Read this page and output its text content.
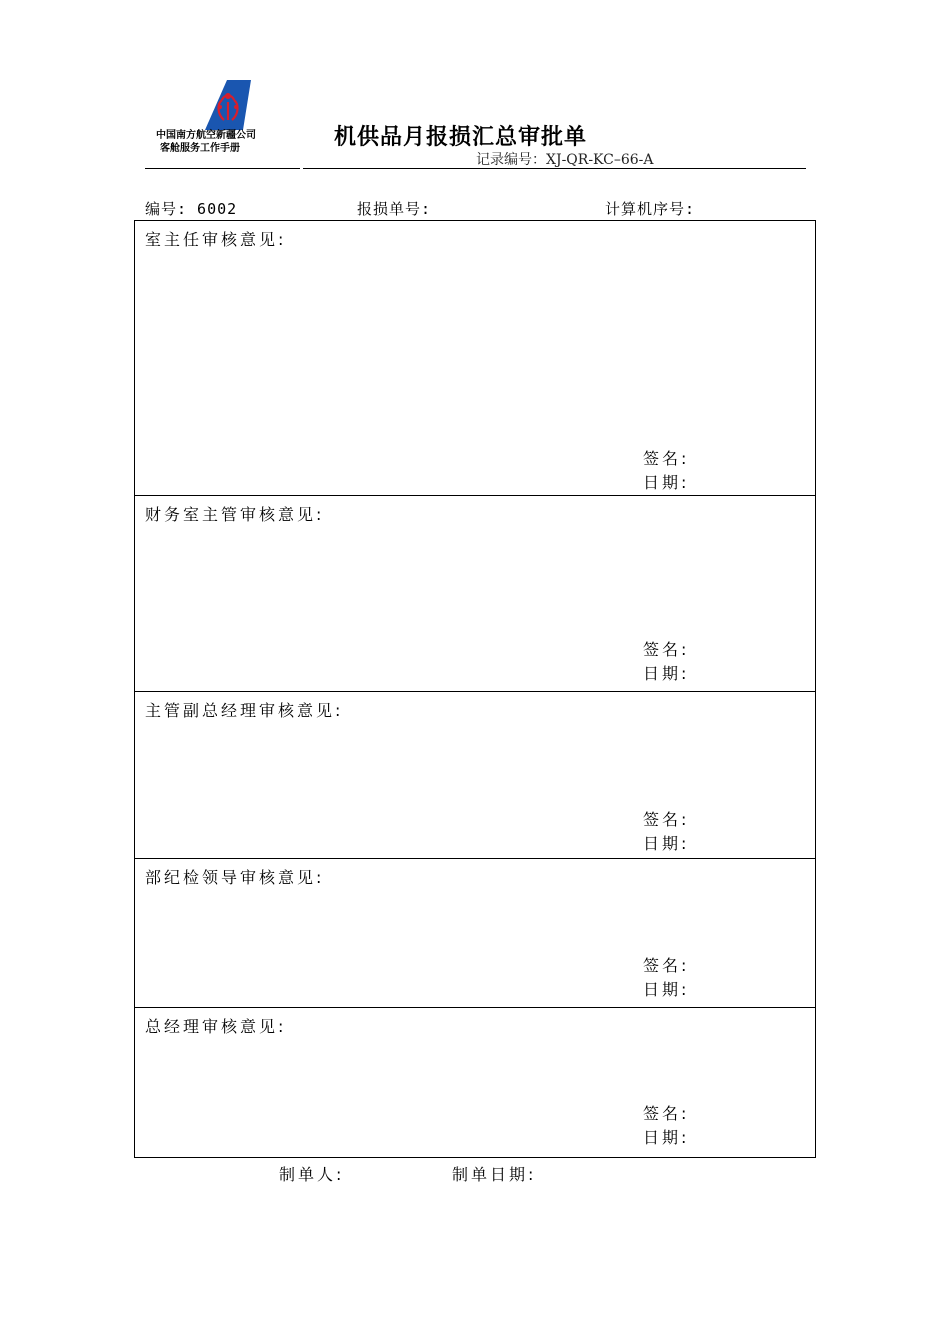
中国南方航空新疆公司
客舱服务工作手册	机供品月报损汇总审批单
记录编号：XJ-QR-KC–66-A
编号: 6002	报损单号:	计算机序号:
室主任审核意见:
签名:
日期:
财务室主管审核意见:
签名:
日期:
主管副总经理审核意见:
签名:
日期:
部纪检领导审核意见:
签名:
日期:
总经理审核意见:
签名:
日期:
制单人:	制单日期:
